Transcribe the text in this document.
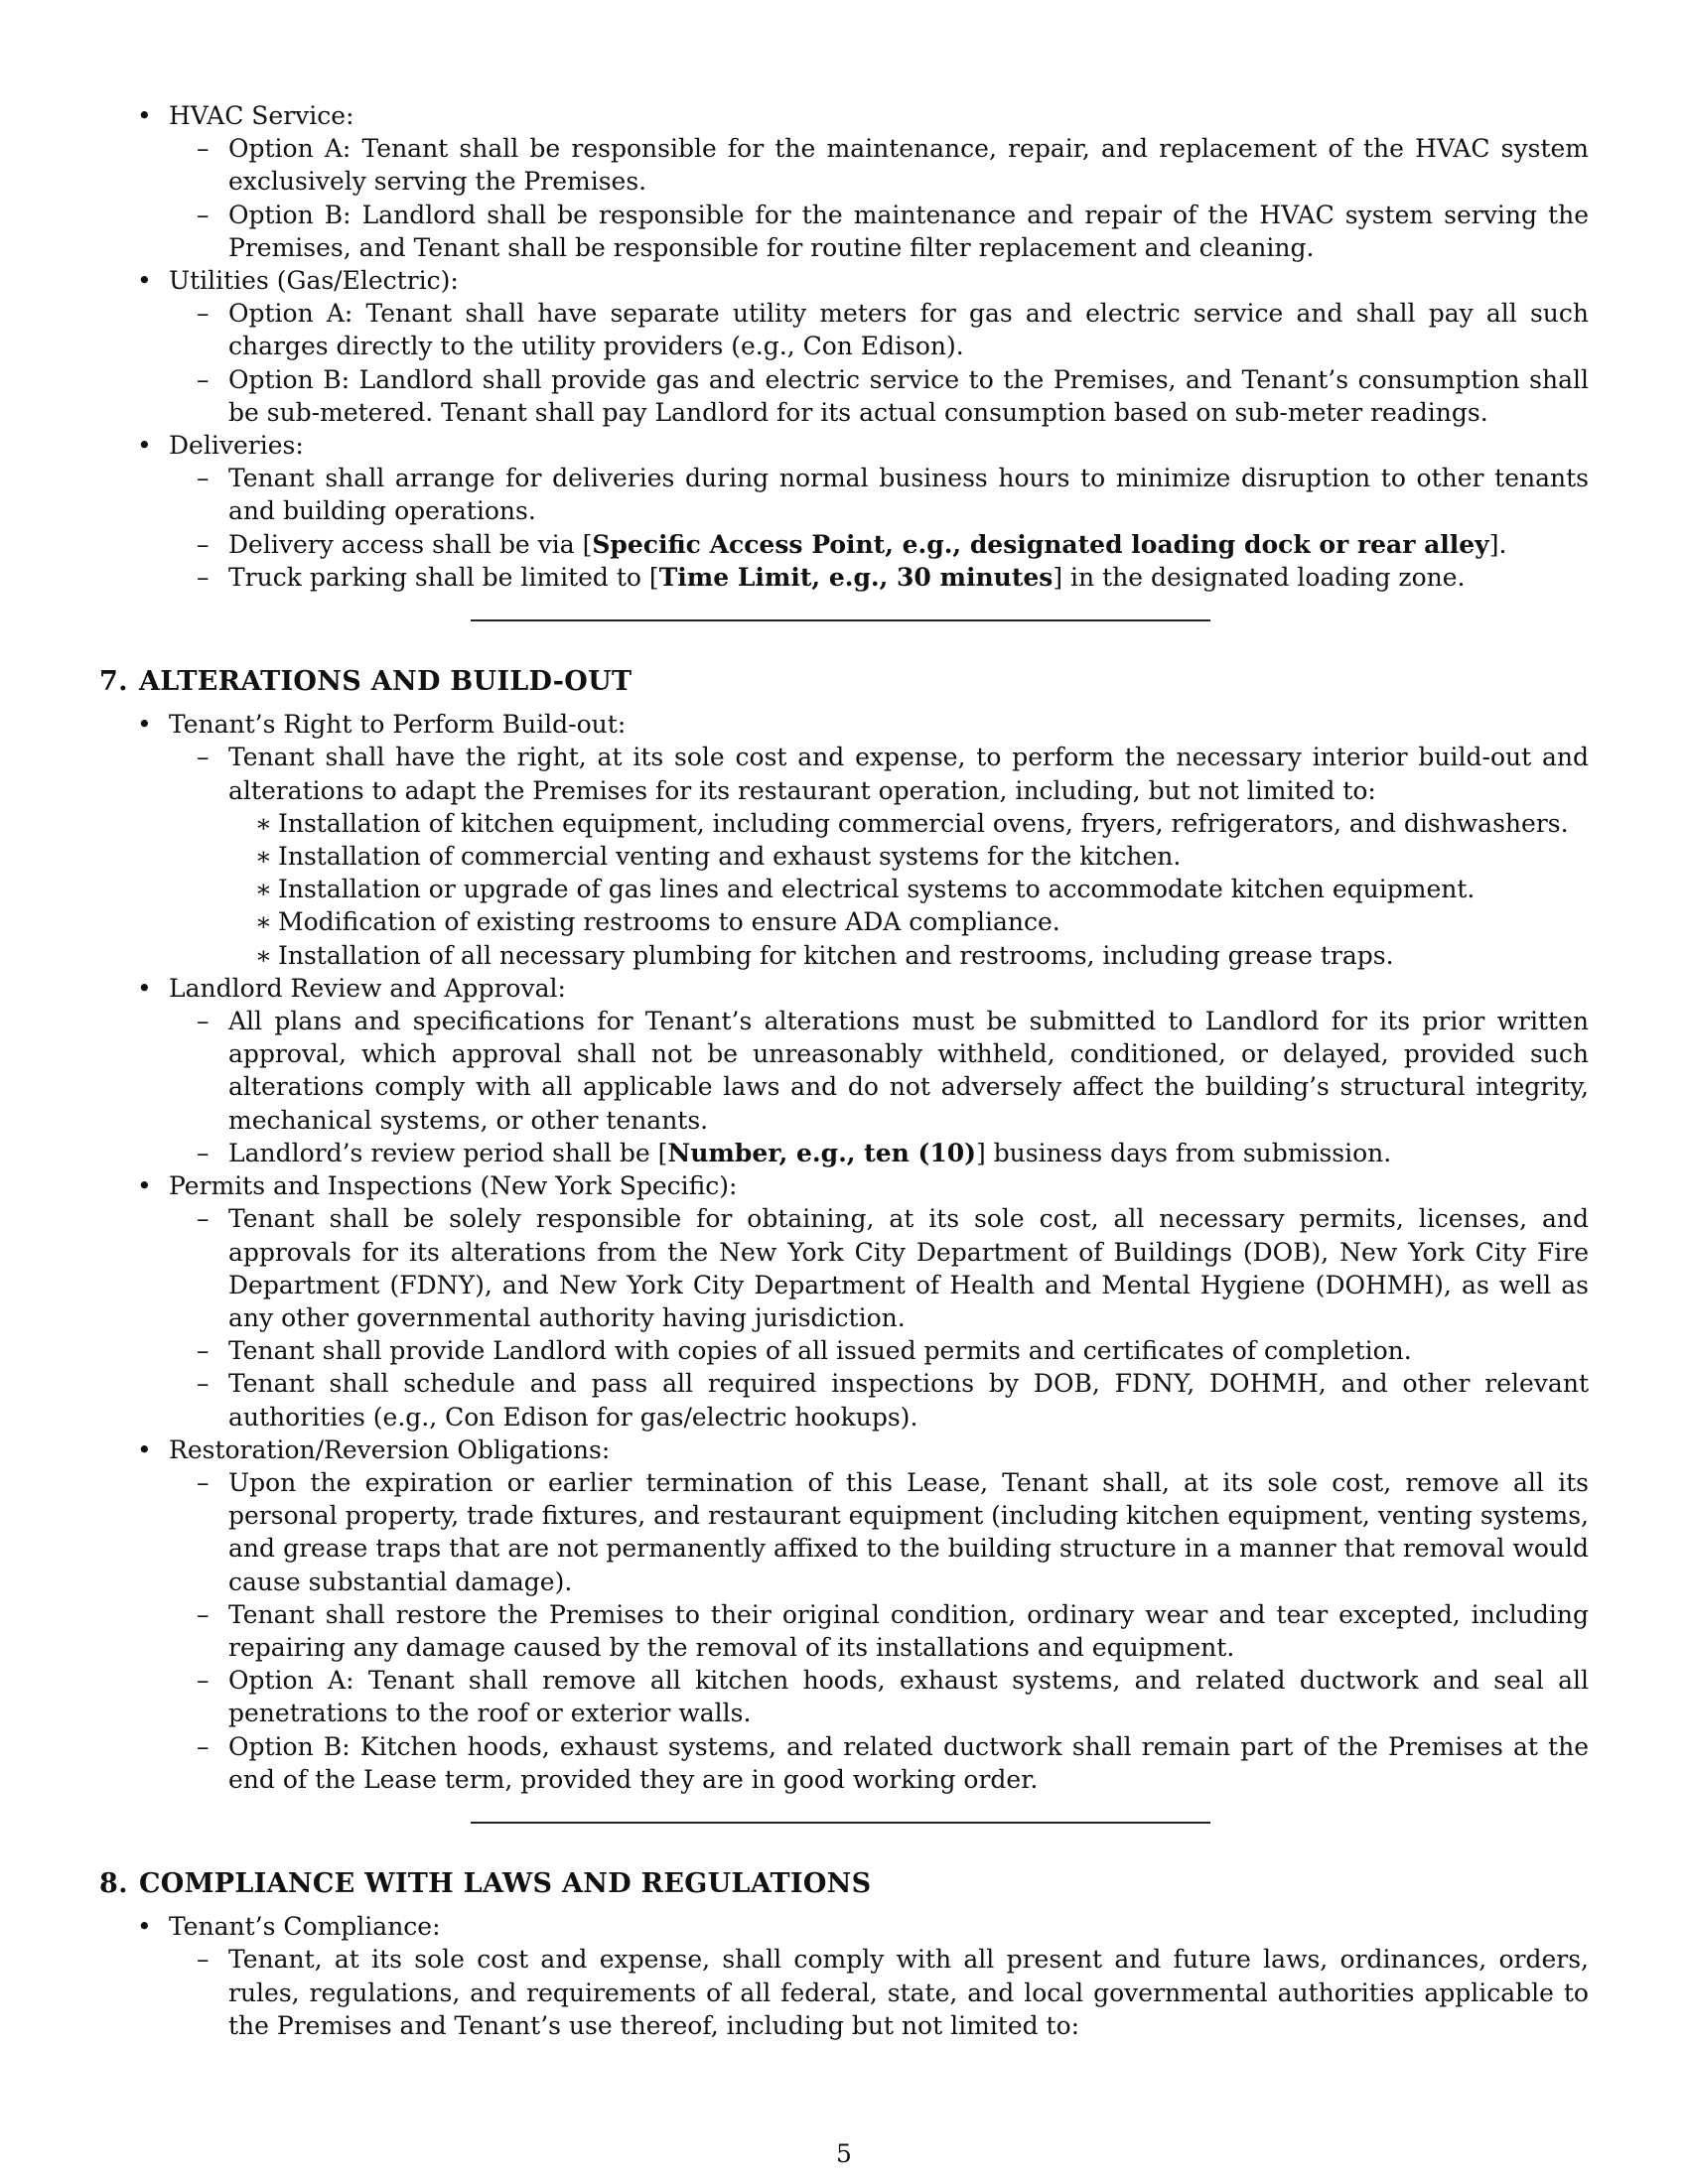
• HVAC Service:
– Option A: Tenant shall be responsible for the maintenance, repair, and replacement of the HVAC system exclusively serving the Premises.
– Option B: Landlord shall be responsible for the maintenance and repair of the HVAC system serving the Premises, and Tenant shall be responsible for routine filter replacement and cleaning.
• Utilities (Gas/Electric):
– Option A: Tenant shall have separate utility meters for gas and electric service and shall pay all such charges directly to the utility providers (e.g., Con Edison).
– Option B: Landlord shall provide gas and electric service to the Premises, and Tenant’s consumption shall be sub-metered. Tenant shall pay Landlord for its actual consumption based on sub-meter readings.
• Deliveries:
– Tenant shall arrange for deliveries during normal business hours to minimize disruption to other tenants and building operations.
– Delivery access shall be via [Specific Access Point, e.g., designated loading dock or rear alley].
– Truck parking shall be limited to [Time Limit, e.g., 30 minutes] in the designated loading zone.
7. ALTERATIONS AND BUILD-OUT
• Tenant’s Right to Perform Build-out:

– Tenant shall have the right, at its sole cost and expense, to perform the necessary interior build-out and alterations to adapt the Premises for its restaurant operation, including, but not limited to:

∗ Installation of kitchen equipment, including commercial ovens, fryers, refrigerators, and dishwashers.
∗ Installation of commercial venting and exhaust systems for the kitchen.
∗ Installation or upgrade of gas lines and electrical systems to accommodate kitchen equipment.
∗ Modification of existing restrooms to ensure ADA compliance.
∗ Installation of all necessary plumbing for kitchen and restrooms, including grease traps.
• Landlord Review and Approval:
– All plans and specifications for Tenant’s alterations must be submitted to Landlord for its prior written approval, which approval shall not be unreasonably withheld, conditioned, or delayed, provided such alterations comply with all applicable laws and do not adversely affect the building’s structural integrity, mechanical systems, or other tenants.
– Landlord’s review period shall be [Number, e.g., ten (10)] business days from submission.
• Permits and Inspections (New York Specific):
– Tenant shall be solely responsible for obtaining, at its sole cost, all necessary permits, licenses, and approvals for its alterations from the New York City Department of Buildings (DOB), New York City Fire Department (FDNY), and New York City Department of Health and Mental Hygiene (DOHMH), as well as any other governmental authority having jurisdiction.
– Tenant shall provide Landlord with copies of all issued permits and certificates of completion.
– Tenant shall schedule and pass all required inspections by DOB, FDNY, DOHMH, and other relevant authorities (e.g., Con Edison for gas/electric hookups).
• Restoration/Reversion Obligations:
– Upon the expiration or earlier termination of this Lease, Tenant shall, at its sole cost, remove all its personal property, trade fixtures, and restaurant equipment (including kitchen equipment, venting systems, and grease traps that are not permanently affixed to the building structure in a manner that removal would cause substantial damage).
– Tenant shall restore the Premises to their original condition, ordinary wear and tear excepted, including repairing any damage caused by the removal of its installations and equipment.
– Option A: Tenant shall remove all kitchen hoods, exhaust systems, and related ductwork and seal all penetrations to the roof or exterior walls.
– Option B: Kitchen hoods, exhaust systems, and related ductwork shall remain part of the Premises at the end of the Lease term, provided they are in good working order.
8. COMPLIANCE WITH LAWS AND REGULATIONS
• Tenant’s Compliance:
– Tenant, at its sole cost and expense, shall comply with all present and future laws, ordinances, orders, rules, regulations, and requirements of all federal, state, and local governmental authorities applicable to the Premises and Tenant’s use thereof, including but not limited to:
5
